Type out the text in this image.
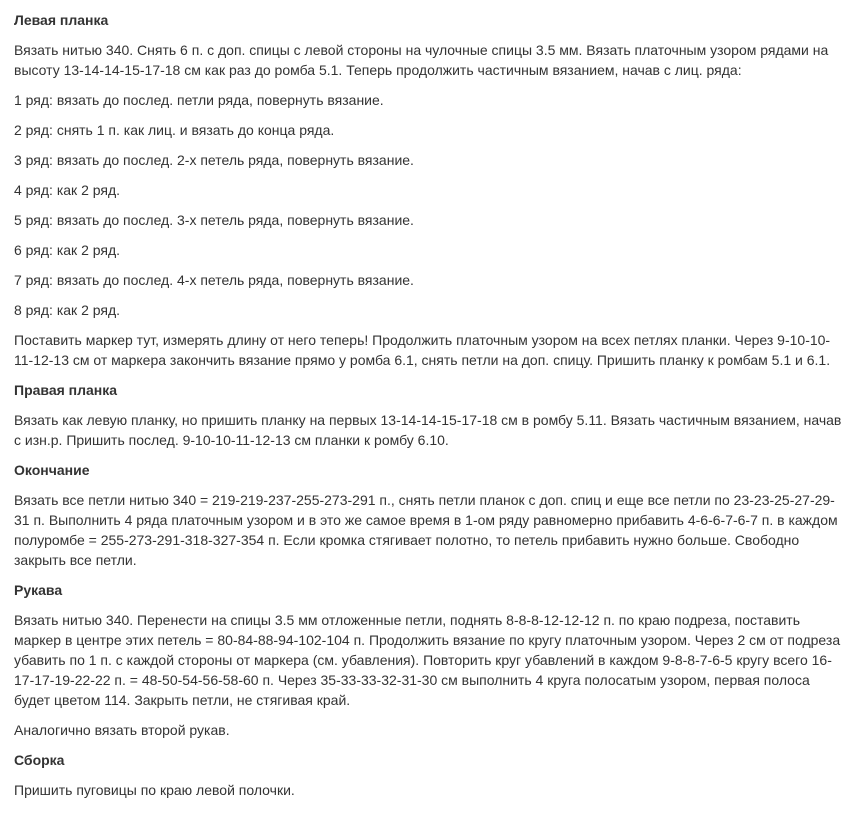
Левая планка

Вязать нитью 340. Снять 6 п. с доп. спицы с левой стороны на чулочные спицы 3.5 мм. Вязать платочным узором рядами на высоту 13-14-14-15-17-18 см как раз до ромба 5.1. Теперь продолжить частичным вязанием, начав с лиц. ряда:

1 ряд: вязать до послед. петли ряда, повернуть вязание.

2 ряд: снять 1 п. как лиц. и вязать до конца ряда.

3 ряд: вязать до послед. 2-х петель ряда, повернуть вязание.

4 ряд: как 2 ряд.

5 ряд: вязать до послед. 3-х петель ряда, повернуть вязание.

6 ряд: как 2 ряд.

7 ряд: вязать до послед. 4-х петель ряда, повернуть вязание.

8 ряд: как 2 ряд.

Поставить маркер тут, измерять длину от него теперь! Продолжить платочным узором на всех петлях планки. Через 9-10-10-11-12-13 см от маркера закончить вязание прямо у ромба 6.1, снять петли на доп. спицу. Пришить планку к ромбам 5.1 и 6.1.

Правая планка

Вязать как левую планку, но пришить планку на первых 13-14-14-15-17-18 см в ромбу 5.11. Вязать частичным вязанием, начав с изн.р. Пришить послед. 9-10-10-11-12-13 см планки к ромбу 6.10.

Окончание

Вязать все петли нитью 340 = 219-219-237-255-273-291 п., снять петли планок с доп. спиц и еще все петли по 23-23-25-27-29-31 п. Выполнить 4 ряда платочным узором и в это же самое время в 1-ом ряду равномерно прибавить 4-6-6-7-6-7 п. в каждом полуромбе = 255-273-291-318-327-354 п. Если кромка стягивает полотно, то петель прибавить нужно больше. Свободно закрыть все петли.

Рукава

Вязать нитью 340. Перенести на спицы 3.5 мм отложенные петли, поднять 8-8-8-12-12-12 п. по краю подреза, поставить маркер в центре этих петель = 80-84-88-94-102-104 п. Продолжить вязание по кругу платочным узором. Через 2 см от подреза убавить по 1 п. с каждой стороны от маркера (см. убавления). Повторить круг убавлений в каждом 9-8-8-7-6-5 кругу всего 16-17-17-19-22-22 п. = 48-50-54-56-58-60 п. Через 35-33-33-32-31-30 см выполнить 4 круга полосатым узором, первая полоса будет цветом 114. Закрыть петли, не стягивая край.

Аналогично вязать второй рукав.

Сборка

Пришить пуговицы по краю левой полочки.
